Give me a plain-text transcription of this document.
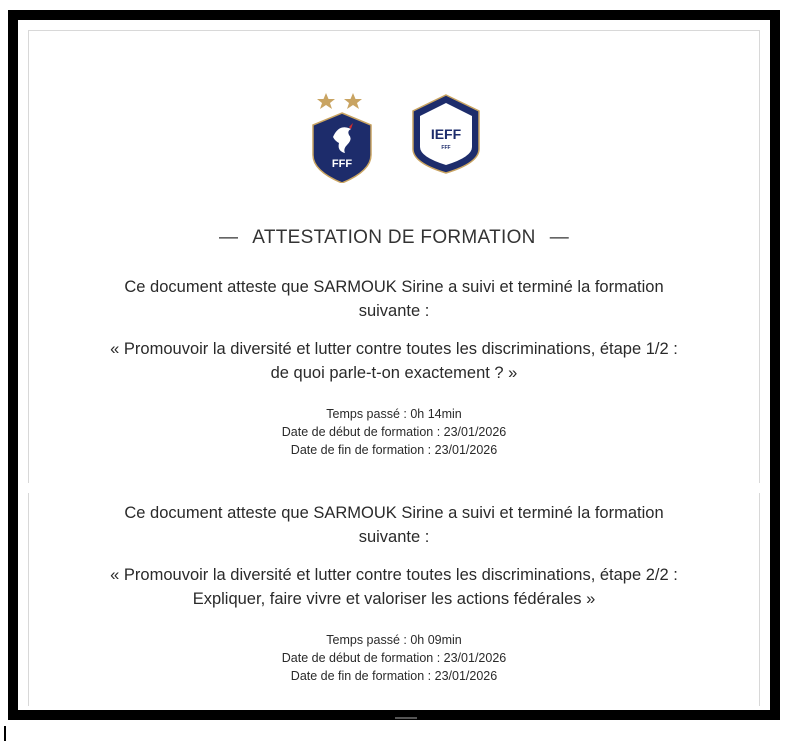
FFF
IEFF
FFF
— ATTESTATION DE FORMATION —
Ce document atteste que SARMOUK Sirine a suivi et terminé la formation
suivante :
« Promouvoir la diversité et lutter contre toutes les discriminations, étape 1/2 :
de quoi parle-t-on exactement ? »
Temps passé : 0h 14min
Date de début de formation : 23/01/2026
Date de fin de formation : 23/01/2026
Ce document atteste que SARMOUK Sirine a suivi et terminé la formation
suivante :
« Promouvoir la diversité et lutter contre toutes les discriminations, étape 2/2 :
Expliquer, faire vivre et valoriser les actions fédérales »
Temps passé : 0h 09min
Date de début de formation : 23/01/2026
Date de fin de formation : 23/01/2026
